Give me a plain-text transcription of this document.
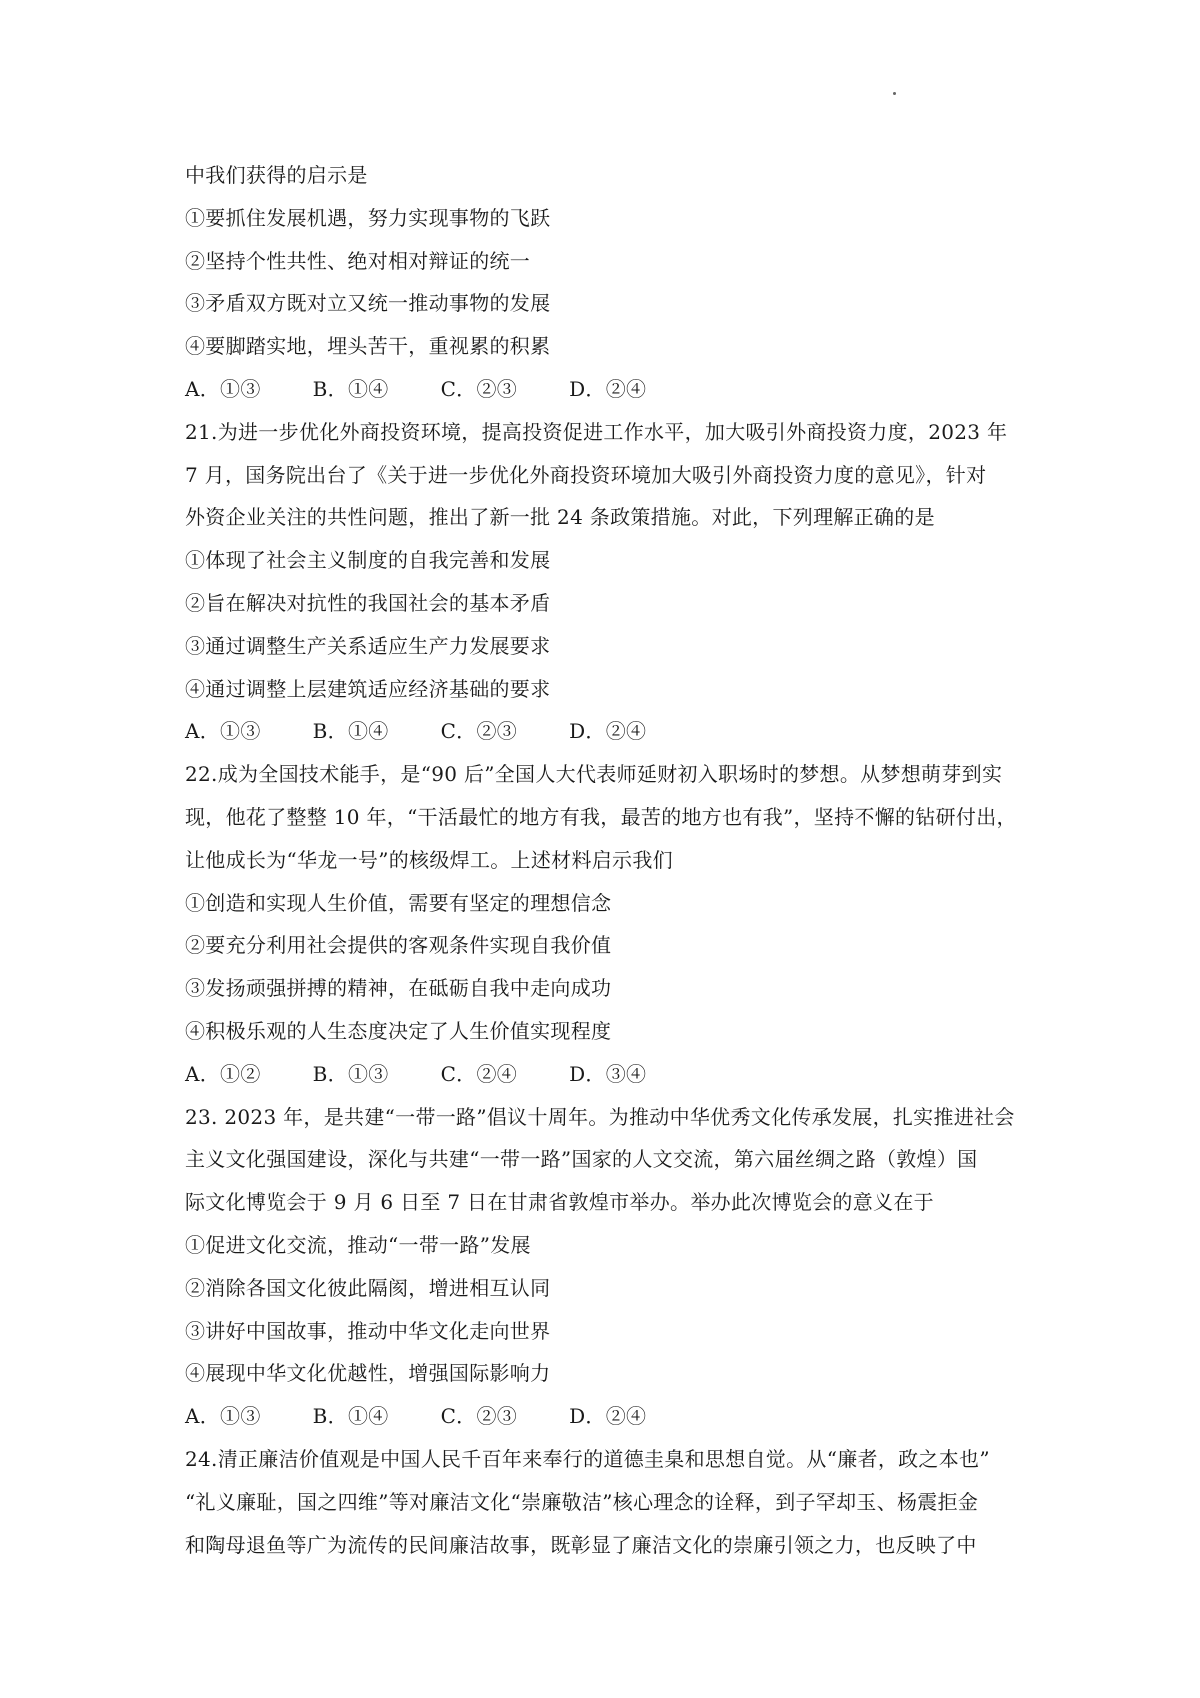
中我们获得的启示是
①要抓住发展机遇，努力实现事物的飞跃
②坚持个性共性、绝对相对辩证的统一
③矛盾双方既对立又统一推动事物的发展
④要脚踏实地，埋头苦干，重视累的积累
A．①③	B．①④	C．②③	D．②④
21.为进一步优化外商投资环境，提高投资促进工作水平，加大吸引外商投资力度，2023 年
7 月，国务院出台了《关于进一步优化外商投资环境加大吸引外商投资力度的意见》，针对
外资企业关注的共性问题，推出了新一批 24 条政策措施。对此，下列理解正确的是
①体现了社会主义制度的自我完善和发展
②旨在解决对抗性的我国社会的基本矛盾
③通过调整生产关系适应生产力发展要求
④通过调整上层建筑适应经济基础的要求
A．①③	B．①④	C．②③	D．②④
22.成为全国技术能手，是“90 后”全国人大代表师延财初入职场时的梦想。从梦想萌芽到实
现，他花了整整 10 年，“干活最忙的地方有我，最苦的地方也有我”，坚持不懈的钻研付出，
让他成长为“华龙一号”的核级焊工。上述材料启示我们
①创造和实现人生价值，需要有坚定的理想信念
②要充分利用社会提供的客观条件实现自我价值
③发扬顽强拼搏的精神，在砥砺自我中走向成功
④积极乐观的人生态度决定了人生价值实现程度
A．①②	B．①③	C．②④	D．③④
23. 2023 年，是共建“一带一路”倡议十周年。为推动中华优秀文化传承发展，扎实推进社会
主义文化强国建设，深化与共建“一带一路”国家的人文交流，第六届丝绸之路（敦煌）国
际文化博览会于 9 月 6 日至 7 日在甘肃省敦煌市举办。举办此次博览会的意义在于
①促进文化交流，推动“一带一路”发展
②消除各国文化彼此隔阂，增进相互认同
③讲好中国故事，推动中华文化走向世界
④展现中华文化优越性，增强国际影响力
A．①③	B．①④	C．②③	D．②④
24.清正廉洁价值观是中国人民千百年来奉行的道德圭臬和思想自觉。从“廉者，政之本也”
“礼义廉耻，国之四维”等对廉洁文化“崇廉敬洁”核心理念的诠释，到子罕却玉、杨震拒金
和陶母退鱼等广为流传的民间廉洁故事，既彰显了廉洁文化的崇廉引领之力，也反映了中
